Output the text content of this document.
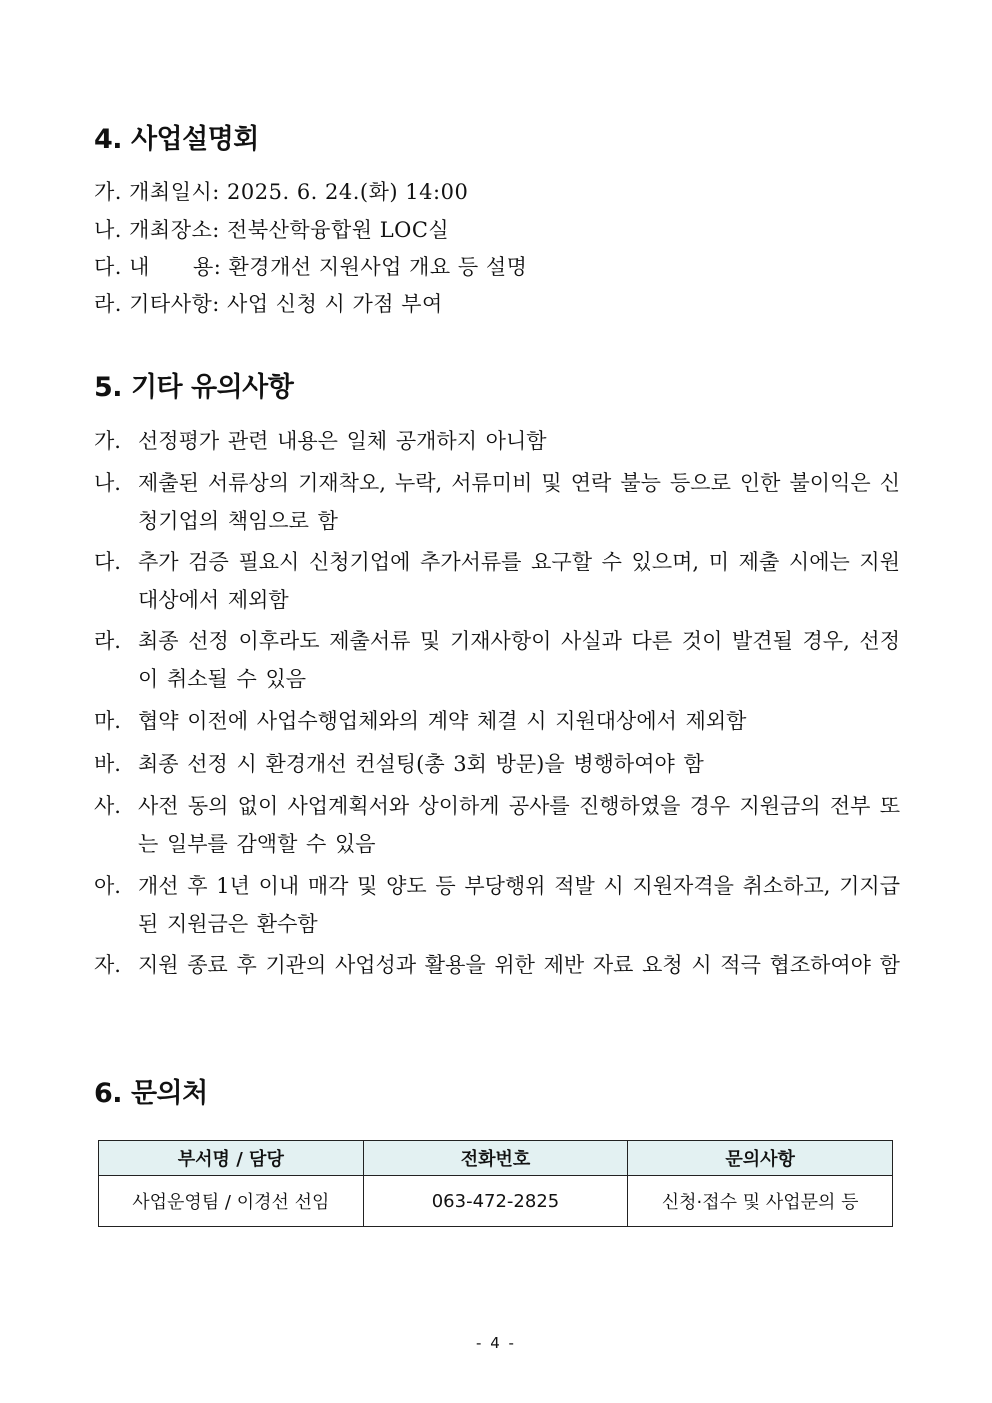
4. 사업설명회
가. 개최일시: 2025. 6. 24.(화) 14:00
나. 개최장소: 전북산학융합원 LOC실
다. 내      용: 환경개선 지원사업 개요 등 설명
라. 기타사항: 사업 신청 시 가점 부여
5. 기타 유의사항
가. 선정평가 관련 내용은 일체 공개하지 아니함
나. 제출된 서류상의 기재착오, 누락, 서류미비 및 연락 불능 등으로 인한 불이익은 신청기업의 책임으로 함
다. 추가 검증 필요시 신청기업에 추가서류를 요구할 수 있으며, 미 제출 시에는 지원 대상에서 제외함
라. 최종 선정 이후라도 제출서류 및 기재사항이 사실과 다른 것이 발견될 경우, 선정이 취소될 수 있음
마. 협약 이전에 사업수행업체와의 계약 체결 시 지원대상에서 제외함
바. 최종 선정 시 환경개선 컨설팅(총 3회 방문)을 병행하여야 함
사. 사전 동의 없이 사업계획서와 상이하게 공사를 진행하였을 경우 지원금의 전부 또는 일부를 감액할 수 있음
아. 개선 후 1년 이내 매각 및 양도 등 부당행위 적발 시 지원자격을 취소하고, 기지급된 지원금은 환수함
자. 지원 종료 후 기관의 사업성과 활용을 위한 제반 자료 요청 시 적극 협조하여야 함
6. 문의처
부서명 / 담당	전화번호	문의사항
사업운영팀 / 이경선 선임	063-472-2825	신청·접수 및 사업문의 등
- 4 -
